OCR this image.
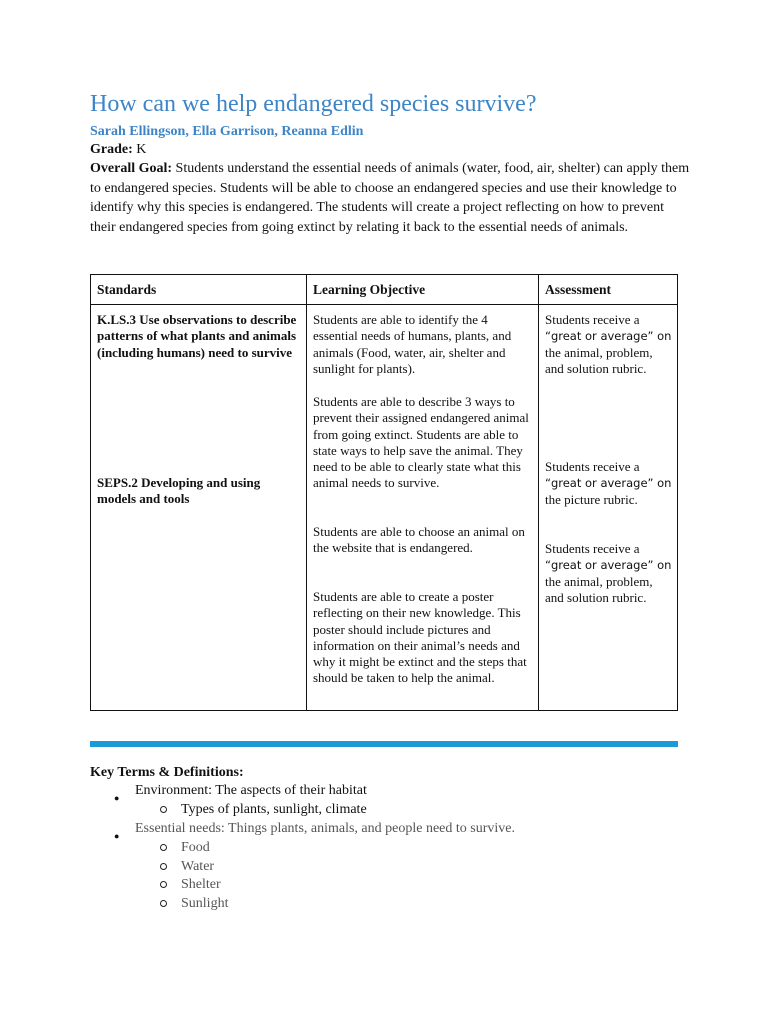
How can we help endangered species survive?
Sarah Ellingson, Ella Garrison, Reanna Edlin
Grade: K
Overall Goal: Students understand the essential needs of animals (water, food, air, shelter) can apply them to endangered species. Students will be able to choose an endangered species and use their knowledge to identify why this species is endangered. The students will create a project reflecting on how to prevent their endangered species from going extinct by relating it back to the essential needs of animals.
Standards	Learning Objective	Assessment
K.LS.3 Use observations to describe patterns of what plants and animals (including humans) need to survive
SEPS.2 Developing and using models and tools
Students are able to identify the 4 essential needs of humans, plants, and animals (Food, water, air, shelter and sunlight for plants).
Students are able to describe 3 ways to prevent their assigned endangered animal from going extinct. Students are able to state ways to help save the animal. They need to be able to clearly state what this animal needs to survive.
Students are able to choose an animal on the website that is endangered.
Students are able to create a poster reflecting on their new knowledge. This poster should include pictures and information on their animal’s needs and why it might be extinct and the steps that should be taken to help the animal.
Students receive a
“great or average” on
the animal, problem, and solution rubric.
Students receive a
“great or average” on
the picture rubric.
Students receive a
“great or average” on
the animal, problem, and solution rubric.
Key Terms & Definitions:
● Environment: The aspects of their habitat
Types of plants, sunlight, climate
● Essential needs: Things plants, animals, and people need to survive.
Food
Water
Shelter
Sunlight
